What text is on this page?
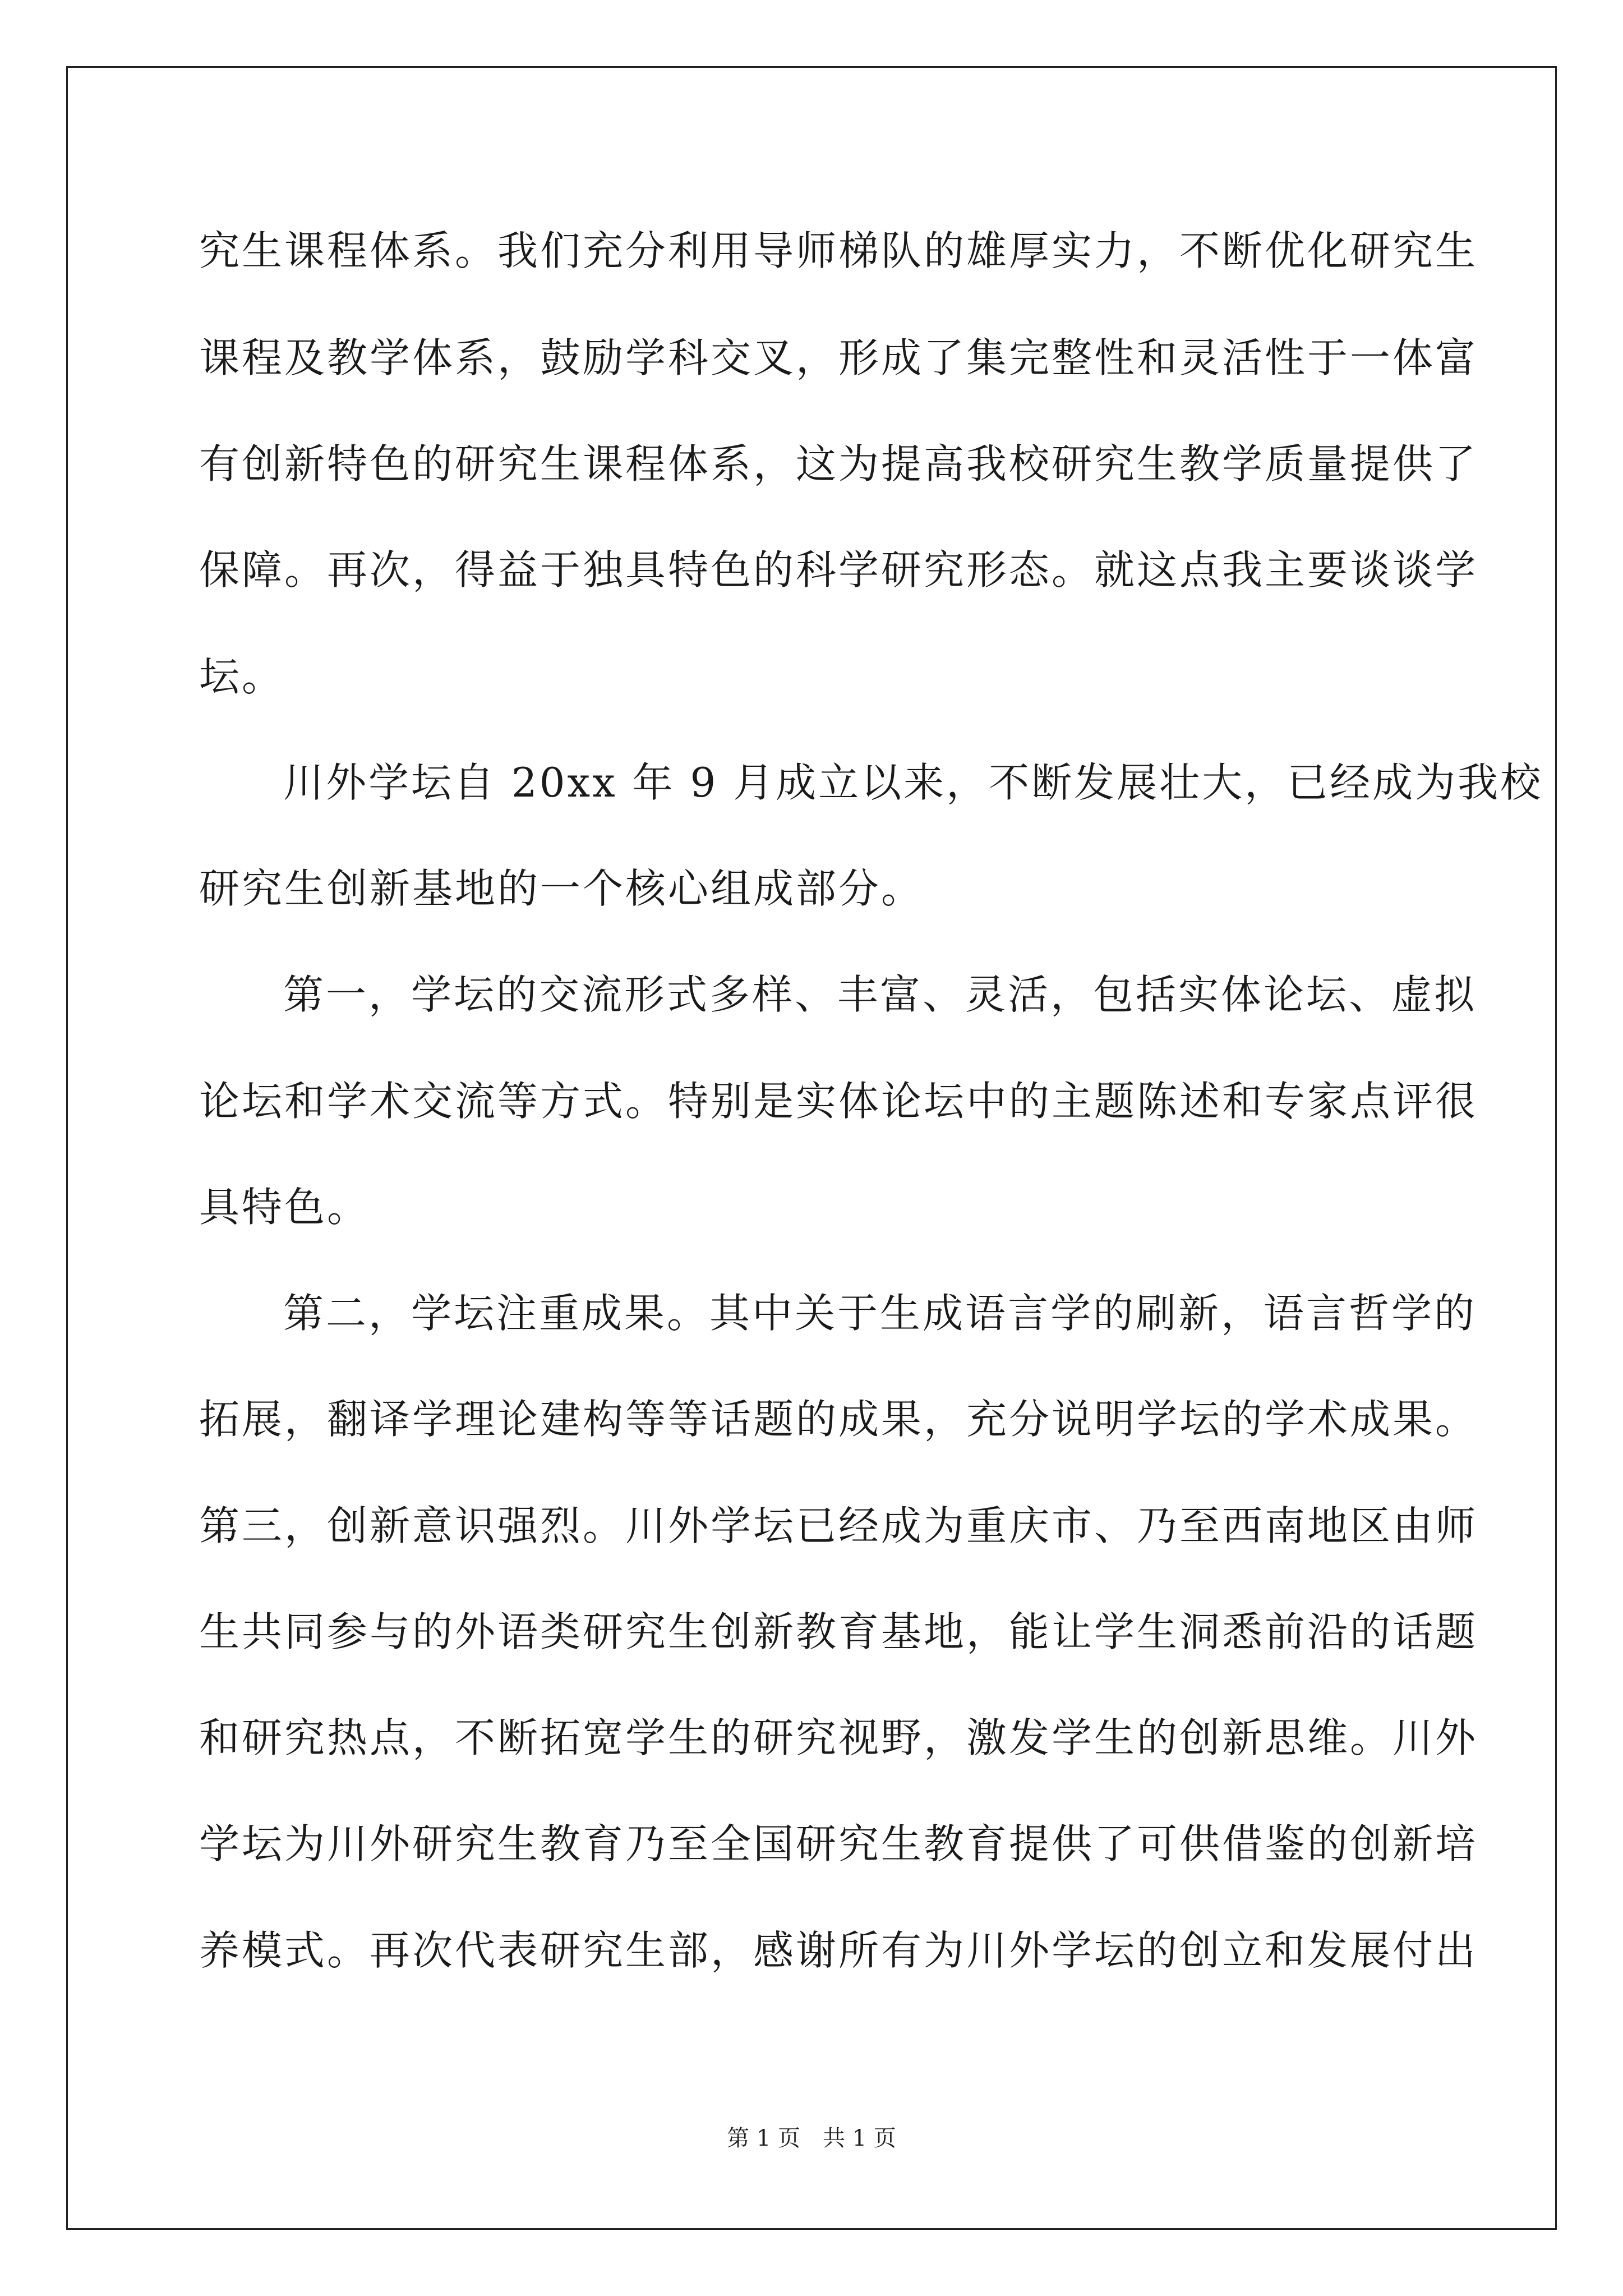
究生课程体系。我们充分利用导师梯队的雄厚实力，不断优化研究生
课程及教学体系，鼓励学科交叉，形成了集完整性和灵活性于一体富
有创新特色的研究生课程体系，这为提高我校研究生教学质量提供了
保障。再次，得益于独具特色的科学研究形态。就这点我主要谈谈学
坛。
川外学坛自 20xx 年 9 月成立以来，不断发展壮大，已经成为我校
研究生创新基地的一个核心组成部分。
第一，学坛的交流形式多样、丰富、灵活，包括实体论坛、虚拟
论坛和学术交流等方式。特别是实体论坛中的主题陈述和专家点评很
具特色。
第二，学坛注重成果。其中关于生成语言学的刷新，语言哲学的
拓展，翻译学理论建构等等话题的成果，充分说明学坛的学术成果。
第三，创新意识强烈。川外学坛已经成为重庆市、乃至西南地区由师
生共同参与的外语类研究生创新教育基地，能让学生洞悉前沿的话题
和研究热点，不断拓宽学生的研究视野，激发学生的创新思维。川外
学坛为川外研究生教育乃至全国研究生教育提供了可供借鉴的创新培
养模式。再次代表研究生部，感谢所有为川外学坛的创立和发展付出
第 1 页　共 1 页
